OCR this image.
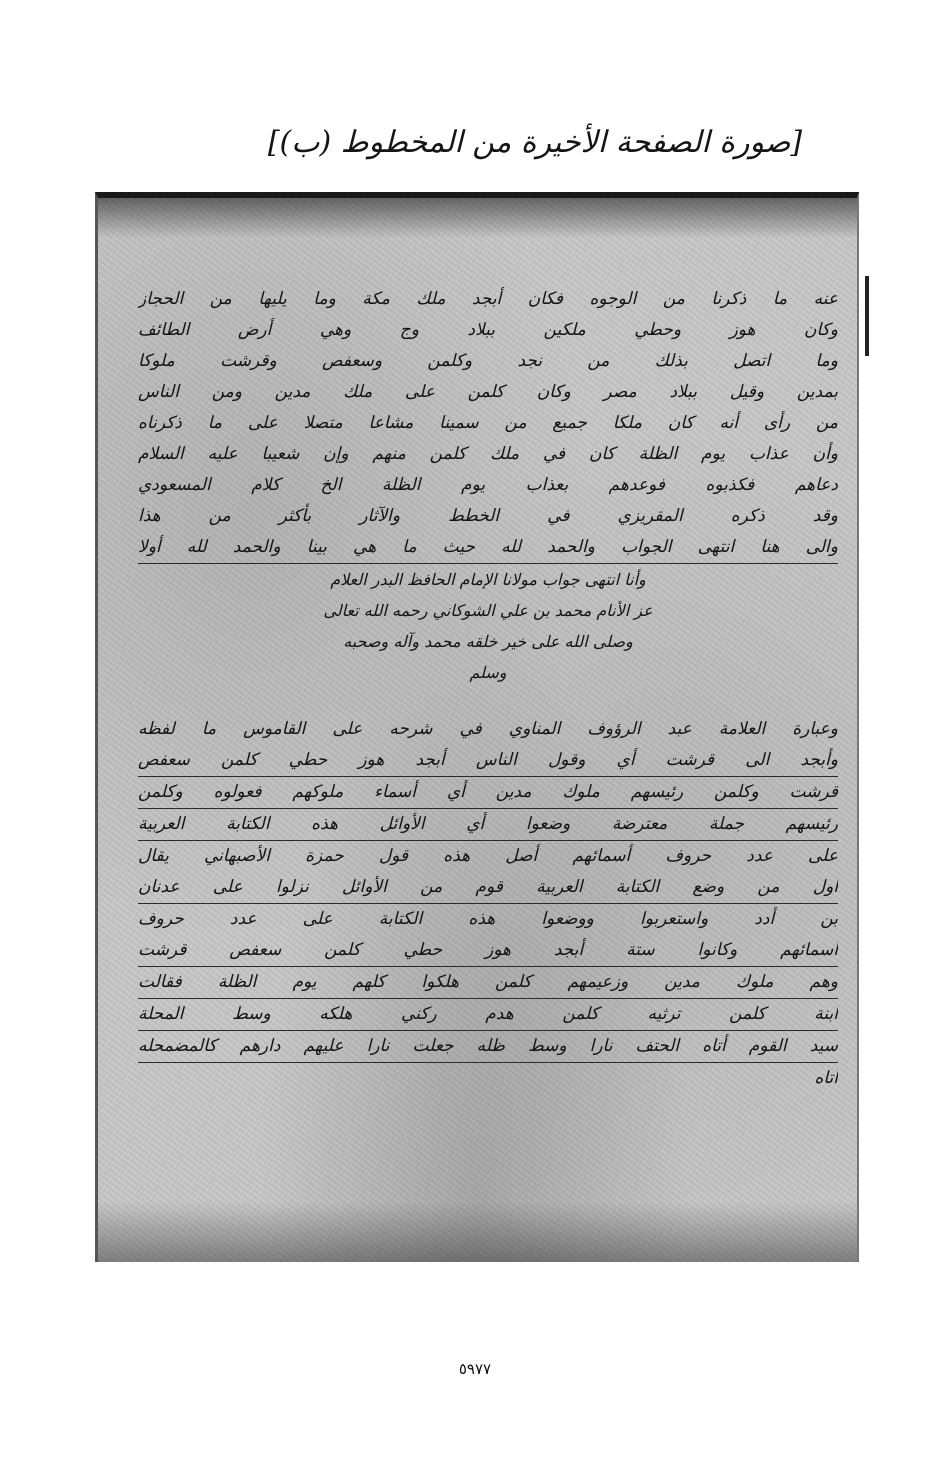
[صورة الصفحة الأخيرة من المخطوط (ب)]
عنه ما ذكرنا من الوجوه فكان أبجد ملك مكة وما يليها من الحجاز
وكان هوز وحطي ملكين ببلاد وج وهي أرض الطائف
وما اتصل بذلك من نجد وكلمن وسعفص وقرشت ملوكا
بمدين وقيل ببلاد مصر وكان كلمن على ملك مدين ومن الناس
من رأى أنه كان ملكا جميع من سمينا مشاعا متصلا على ما ذكرناه
وأن عذاب يوم الظلة كان في ملك كلمن منهم وإن شعيبا عليه السلام
دعاهم فكذبوه فوعدهم بعذاب يوم الظلة الخ كلام المسعودي
وقد ذكره المقريزي في الخطط والآثار بأكثر من هذا
والى هنا انتهى الجواب والحمد لله حيث ما هي بينا والحمد لله أولا
وأنا انتهى جواب مولانا الإمام الحافظ البدر العلام
عز الأنام محمد بن علي الشوكاني رحمه الله تعالى
وصلى الله على خير خلقه محمد وآله وصحبه
وسلم
وعبارة العلامة عبد الرؤوف المناوي في شرحه على القاموس ما لفظه
وأبجد الى قرشت أي وقول الناس أبجد هوز حطي كلمن سعفص
قرشت وكلمن رئيسهم ملوك مدين أي أسماء ملوكهم فعولوه وكلمن
رئيسهم جملة معترضة وضعوا أي الأوائل هذه الكتابة العربية
على عدد حروف أسمائهم أصل هذه قول حمزة الأصبهاني يقال
أول من وضع الكتابة العربية قوم من الأوائل نزلوا على عدنان
بن أدد واستعربوا ووضعوا هذه الكتابة على عدد حروف
أسمائهم وكانوا ستة أبجد هوز حطي كلمن سعفص قرشت
وهم ملوك مدين وزعيمهم كلمن هلكوا كلهم يوم الظلة فقالت
ابنة كلمن ترثيه كلمن هدم ركني هلكه وسط المحلة
سيد القوم أتاه الحتف نارا وسط ظله جعلت نارا عليهم دارهم كالمضمحله
أتاه
٥٩٧٧
